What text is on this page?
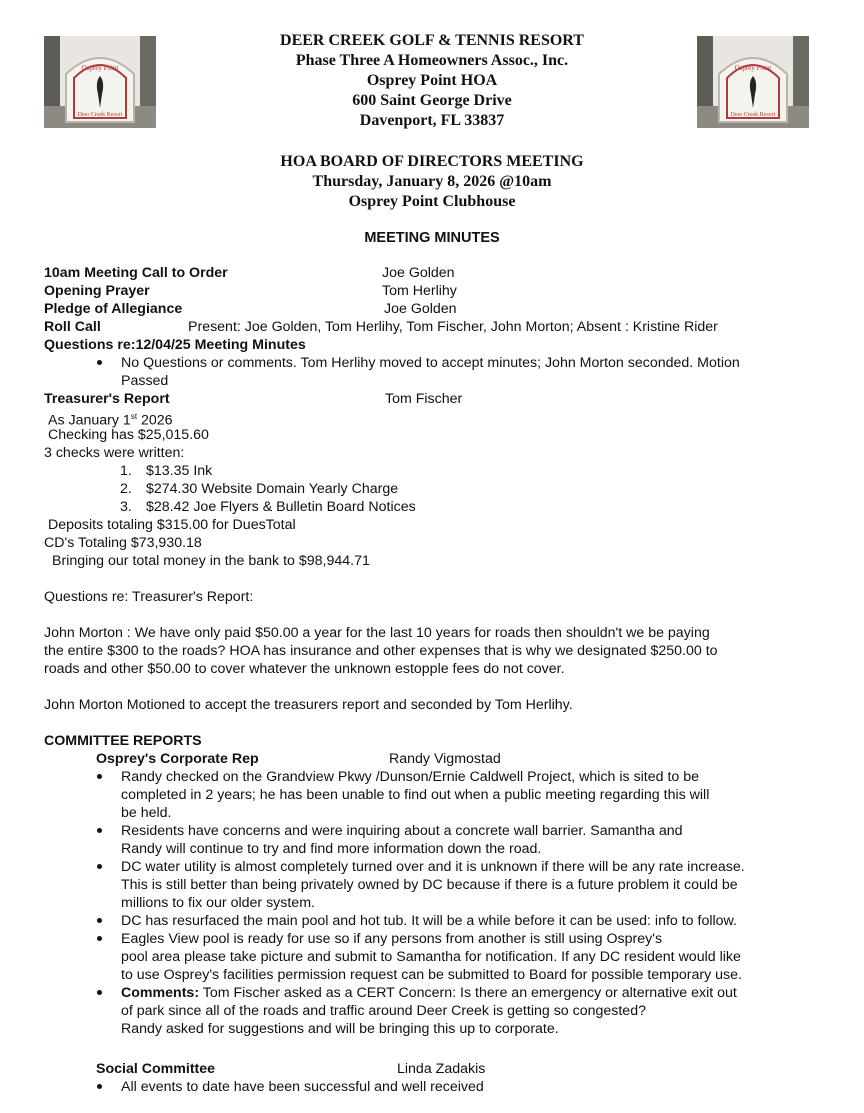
Osprey Point
Deer Creek Resort
Osprey Point
Deer Creek Resort
DEER CREEK GOLF & TENNIS RESORT
Phase Three A Homeowners Assoc., Inc.
Osprey Point HOA
600 Saint George Drive
Davenport, FL 33837
HOA BOARD OF DIRECTORS MEETING
Thursday, January 8, 2026 @10am
Osprey Point Clubhouse
MEETING MINUTES
10am Meeting Call to Order	Joe Golden
Opening Prayer	Tom Herlihy
Pledge of Allegiance	Joe Golden
Roll Call	Present: Joe Golden, Tom Herlihy, Tom Fischer, John Morton; Absent : Kristine Rider
Questions re:12/04/25 Meeting Minutes
No Questions or comments. Tom Herlihy moved to accept minutes; John Morton seconded. Motion
Passed
Treasurer's Report	Tom Fischer
As January 1st 2026
Checking has $25,015.60
3 checks were written:
1. $13.35 Ink
2. $274.30 Website Domain Yearly Charge
3. $28.42 Joe Flyers & Bulletin Board Notices
Deposits totaling $315.00 for DuesTotal
CD's Totaling $73,930.18
Bringing our total money in the bank to $98,944.71
Questions re: Treasurer's Report:
John Morton : We have only paid $50.00 a year for the last 10 years for roads then shouldn't we be paying
the entire $300 to the roads? HOA has insurance and other expenses that is why we designated $250.00 to
roads and other $50.00 to cover whatever the unknown estopple fees do not cover.
John Morton Motioned to accept the treasurers report and seconded by Tom Herlihy.
COMMITTEE REPORTS
Osprey's Corporate Rep	Randy Vigmostad
Randy checked on the Grandview Pkwy /Dunson/Ernie Caldwell Project, which is sited to be
completed in 2 years; he has been unable to find out when a public meeting regarding this will
be held.
Residents have concerns and were inquiring about a concrete wall barrier. Samantha and
Randy will continue to try and find more information down the road.
DC water utility is almost completely turned over and it is unknown if there will be any rate increase.
This is still better than being privately owned by DC because if there is a future problem it could be
millions to fix our older system.
DC has resurfaced the main pool and hot tub. It will be a while before it can be used: info to follow.
Eagles View pool is ready for use so if any persons from another is still using Osprey's
pool area please take picture and submit to Samantha for notification. If any DC resident would like
to use Osprey's facilities permission request can be submitted to Board for possible temporary use.
Comments: Tom Fischer asked as a CERT Concern: Is there an emergency or alternative exit out
of park since all of the roads and traffic around Deer Creek is getting so congested?
Randy asked for suggestions and will be bringing this up to corporate.
Social Committee	Linda Zadakis
All events to date have been successful and well received
